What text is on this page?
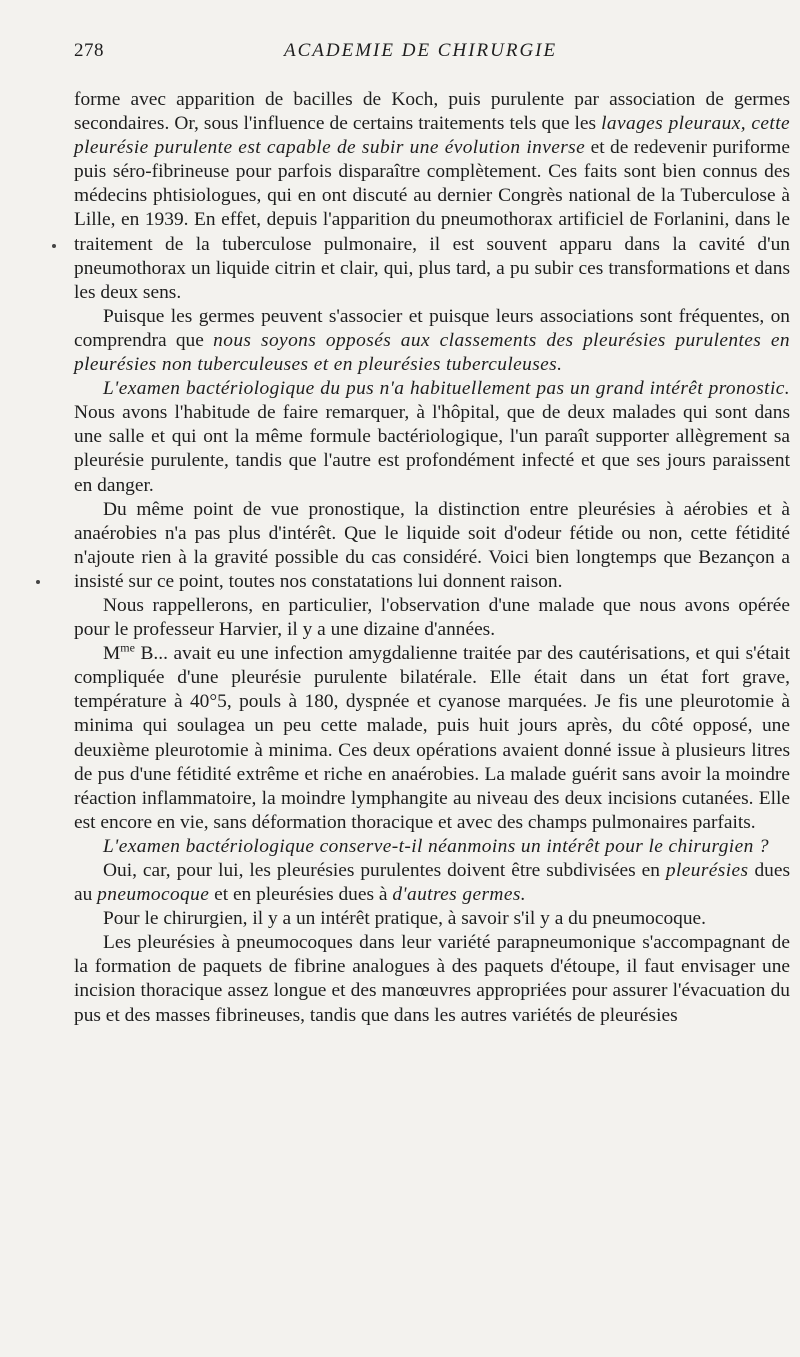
278	ACADEMIE DE CHIRURGIE

forme avec apparition de bacilles de Koch, puis purulente par association de germes secondaires. Or, sous l'influence de certains traitements tels que les lavages pleuraux, cette pleurésie purulente est capable de subir une évolution inverse et de redevenir puriforme puis séro-fibrineuse pour parfois disparaître complètement. Ces faits sont bien connus des médecins phtisiologues, qui en ont discuté au dernier Congrès national de la Tuberculose à Lille, en 1939. En effet, depuis l'apparition du pneumothorax artificiel de Forlanini, dans le traitement de la tuberculose pulmonaire, il est souvent apparu dans la cavité d'un pneumothorax un liquide citrin et clair, qui, plus tard, a pu subir ces transformations et dans les deux sens.

Puisque les germes peuvent s'associer et puisque leurs associations sont fréquentes, on comprendra que nous soyons opposés aux classements des pleurésies purulentes en pleurésies non tuberculeuses et en pleurésies tuberculeuses.

L'examen bactériologique du pus n'a habituellement pas un grand intérêt pronostic. Nous avons l'habitude de faire remarquer, à l'hôpital, que de deux malades qui sont dans une salle et qui ont la même formule bactériologique, l'un paraît supporter allègrement sa pleurésie purulente, tandis que l'autre est profondément infecté et que ses jours paraissent en danger.

Du même point de vue pronostique, la distinction entre pleurésies à aérobies et à anaérobies n'a pas plus d'intérêt. Que le liquide soit d'odeur fétide ou non, cette fétidité n'ajoute rien à la gravité possible du cas considéré. Voici bien longtemps que Bezançon a insisté sur ce point, toutes nos constatations lui donnent raison.

Nous rappellerons, en particulier, l'observation d'une malade que nous avons opérée pour le professeur Harvier, il y a une dizaine d'années.

$M^{me}$ B... avait eu une infection amygdalienne traitée par des cautérisations, et qui s'était compliquée d'une pleurésie purulente bilatérale. Elle était dans un état fort grave, température à 40°5, pouls à 180, dyspnée et cyanose marquées. Je fis une pleurotomie à minima qui soulagea un peu cette malade, puis huit jours après, du côté opposé, une deuxième pleurotomie à minima. Ces deux opérations avaient donné issue à plusieurs litres de pus d'une fétidité extrême et riche en anaérobies. La malade guérit sans avoir la moindre réaction inflammatoire, la moindre lymphangite au niveau des deux incisions cutanées. Elle est encore en vie, sans déformation thoracique et avec des champs pulmonaires parfaits.

L'examen bactériologique conserve-t-il néanmoins un intérêt pour le chirurgien ?

Oui, car, pour lui, les pleurésies purulentes doivent être subdivisées en pleurésies dues au pneumocoque et en pleurésies dues à d'autres germes.

Pour le chirurgien, il y a un intérêt pratique, à savoir s'il y a du pneumocoque.

Les pleurésies à pneumocoques dans leur variété parapneumonique s'accompagnant de la formation de paquets de fibrine analogues à des paquets d'étoupe, il faut envisager une incision thoracique assez longue et des manœuvres appropriées pour assurer l'évacuation du pus et des masses fibrineuses, tandis que dans les autres variétés de pleurésies
